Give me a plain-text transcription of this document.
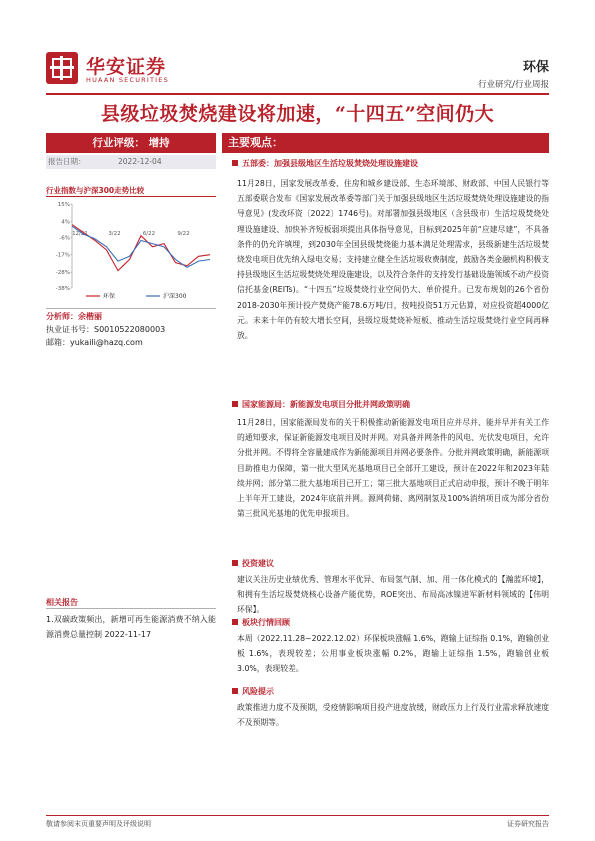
华安证券
HUAAN SECURITIES
环保
行业研究/行业周报
县级垃圾焚烧建设将加速，“十四五”空间仍大
行业评级： 增持
报告日期：	2022-12-04
行业指数与沪深300走势比较
15%
4%
-6%
-17%
-28%
-38%
12/21	3/22	6/22	9/22
环保	沪深300
分析师：余楷丽
执业证书号：S0010522080003
邮箱：yukaili@hazq.com
相关报告
1.双碳政策频出，新增可再生能源消费不纳入能源消费总量控制 2022-11-17
主要观点：
五部委：加强县级地区生活垃圾焚烧处理设施建设
11月28日，国家发展改革委、住房和城乡建设部、生态环境部、财政部、中国人民银行等五部委联合发布《国家发展改革委等部门关于加强县级地区生活垃圾焚烧处理设施建设的指导意见》(发改环资〔2022〕1746号)。对部署加强县级地区（含县级市）生活垃圾焚烧处理设施建设、加快补齐短板弱项提出具体指导意见，目标到2025年前“应建尽建”，不具备条件的仍允许填埋，到2030年全国县级焚烧能力基本满足处理需求，县级新建生活垃圾焚烧发电项目优先纳入绿电交易；支持建立健全生活垃圾收费制度，鼓励各类金融机构积极支持县级地区生活垃圾焚烧处理设施建设，以及符合条件的支持发行基础设施领域不动产投资信托基金(REITs)。“十四五”垃圾焚烧行业空间仍大、单价提升。已发布规划的26个省份2018-2030年预计投产焚烧产能78.6万吨/日，按吨投资51万元估算，对应投资超4000亿元。未来十年仍有较大增长空间，县级垃圾焚烧补短板、推动生活垃圾焚烧行业空间再释放。
国家能源局：新能源发电项目分批并网政策明确
11月28日，国家能源局发布的关于积极推动新能源发电项目应并尽并、能并早并有关工作的通知要求，保证新能源发电项目及时并网。对具备并网条件的风电、光伏发电项目，允许分批并网。不得将全容量建成作为新能源项目并网必要条件。分批并网政策明确，新能源项目助推电力保障，第一批大型风光基地项目已全部开工建设，预计在2022年和2023年陆续并网；部分第二批大基地项目已开工；第三批大基地项目正式启动申报，预计不晚于明年上半年开工建设，2024年底前并网。源网荷储、离网制氢及100%消纳项目成为部分省份第三批风光基地的优先申报项目。
投资建议
建议关注历史业绩优秀、管理水平优异、布局氢气制、加、用一体化模式的【瀚蓝环境】，和拥有生活垃圾焚烧核心设备产能优势，ROE突出、布局高冰镍进军新材料领域的【伟明环保】。
板块行情回顾
本周（2022.11.28~2022.12.02）环保板块涨幅 1.6%，跑输上证综指 0.1%，跑输创业板 1.6%，表现较差；公用事业板块涨幅 0.2%，跑输上证综指 1.5%，跑输创业板 3.0%，表现较差。
风险提示
政策推进力度不及预期，受疫情影响项目投产进度放缓，财政压力上行及行业需求释放速度不及预期等。
敬请参阅末页重要声明及评级说明	证券研究报告
